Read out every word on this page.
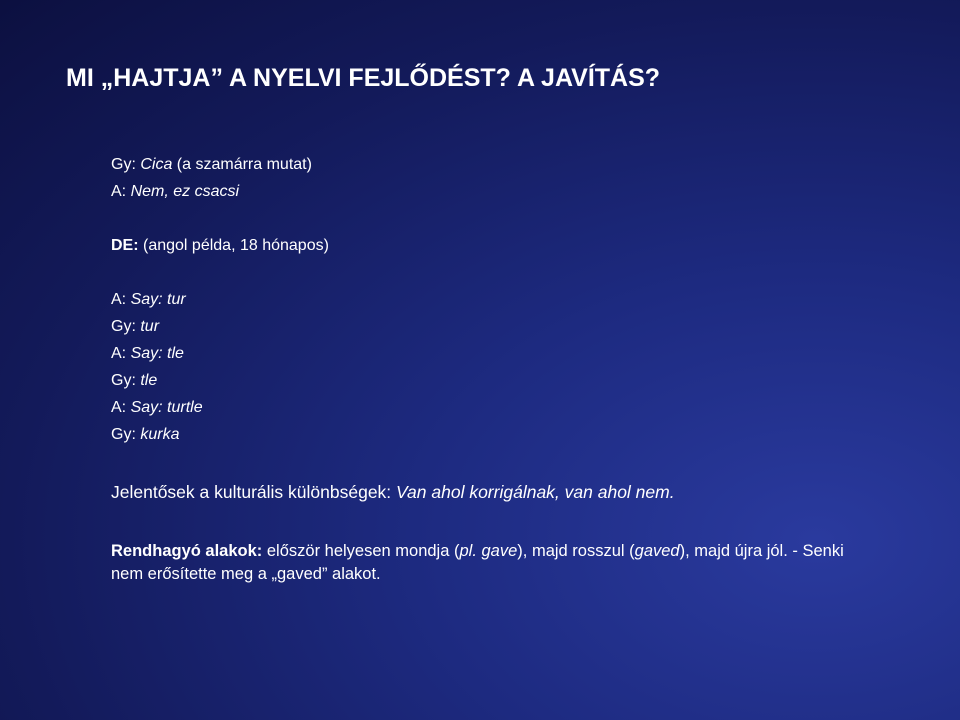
MI „HAJTJA” A NYELVI FEJLŐDÉST? A JAVÍTÁS?
Gy: Cica (a szamárra mutat)
A: Nem, ez csacsi
DE: (angol példa, 18 hónapos)
A: Say: tur
Gy: tur
A: Say: tle
Gy: tle
A: Say: turtle
Gy: kurka
Jelentősek a kulturális különbségek: Van ahol korrigálnak, van ahol nem.
Rendhagyó alakok: először helyesen mondja (pl. gave), majd rosszul (gaved), majd újra jól. - Senki nem erősítette meg a „gaved” alakot.
